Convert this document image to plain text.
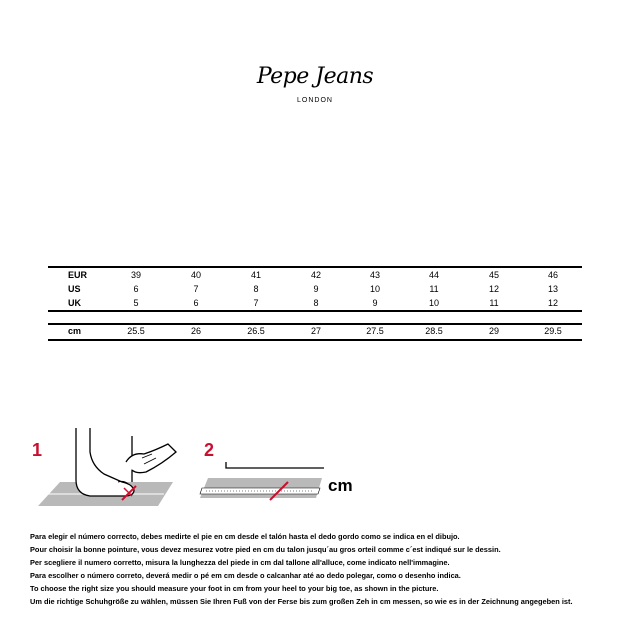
Pepe Jeans
LONDON
EUR	39	40	41	42	43	44	45	46
US	6	7	8	9	10	11	12	13
UK	5	6	7	8	9	10	11	12
cm	25.5	26	26.5	27	27.5	28.5	29	29.5
1	2
cm
Para elegir el número correcto, debes medirte el pie en cm desde el talón hasta el dedo gordo como se indica en el dibujo.
Pour choisir la bonne pointure, vous devez mesurez votre pied en cm du talon jusqu´au gros orteil comme c´est indiqué sur le dessin.
Per scegliere il numero corretto, misura la lunghezza del piede in cm dal tallone all'alluce, come indicato nell'immagine.
Para escolher o número correto, deverá medir o pé em cm desde o calcanhar até ao dedo polegar, como o desenho indica.
To choose the right size you should measure your foot in cm from your heel to your big toe, as shown in the picture.
Um die richtige Schuhgröße zu wählen, müssen Sie Ihren Fuß von der Ferse bis zum großen Zeh in cm messen, so wie es in der Zeichnung angegeben ist.
